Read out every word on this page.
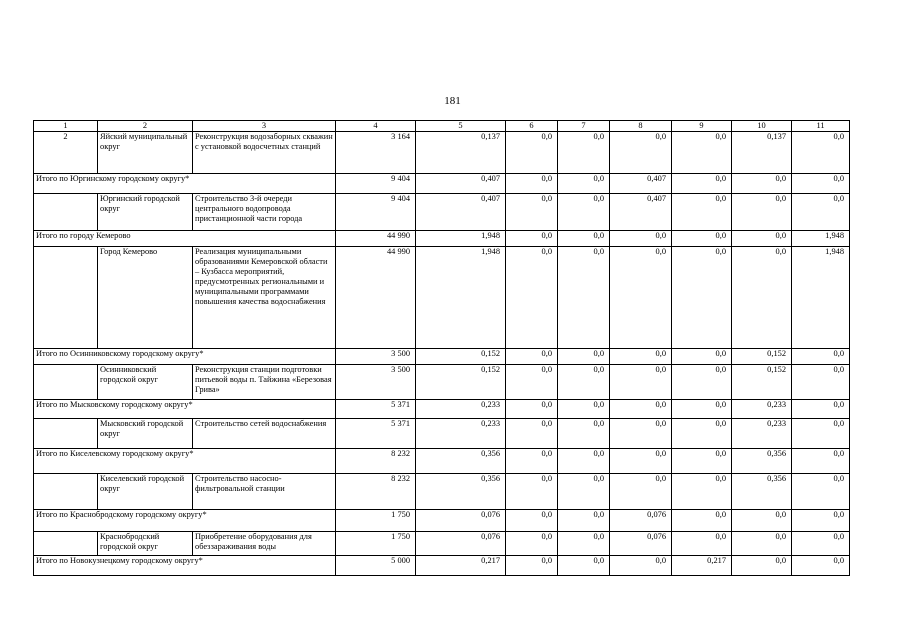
181
1	2	3	4	5	6	7	8	9	10	11
2	Яйский муниципальный округ	Реконструкция водозаборных скважин с установкой водосчетных станций	3 164	0,137	0,0	0,0	0,0	0,0	0,137	0,0
Итого по Юргинскому городскому округу*			9 404	0,407	0,0	0,0	0,407	0,0	0,0	0,0
	Юргинский городской округ	Строительство 3-й очереди центрального водопровода пристанционной части города	9 404	0,407	0,0	0,0	0,407	0,0	0,0	0,0
Итого по городу Кемерово			44 990	1,948	0,0	0,0	0,0	0,0	0,0	1,948
	Город Кемерово	Реализация муниципальными образованиями Кемеровской области – Кузбасса мероприятий, предусмотренных региональными и муниципальными программами повышения качества водоснабжения	44 990	1,948	0,0	0,0	0,0	0,0	0,0	1,948
Итого по Осинниковскому городскому округу*			3 500	0,152	0,0	0,0	0,0	0,0	0,152	0,0
	Осинниковский городской округ	Реконструкция станции подготовки питьевой воды п. Тайжина «Березовая Грива»	3 500	0,152	0,0	0,0	0,0	0,0	0,152	0,0
Итого по Мысковскому городскому округу*			5 371	0,233	0,0	0,0	0,0	0,0	0,233	0,0
	Мысковский городской округ	Строительство сетей водоснабжения	5 371	0,233	0,0	0,0	0,0	0,0	0,233	0,0
Итого по Киселевскому городскому округу*			8 232	0,356	0,0	0,0	0,0	0,0	0,356	0,0
	Киселевский городской округ	Строительство насосно-фильтровальной станции	8 232	0,356	0,0	0,0	0,0	0,0	0,356	0,0
Итого по Краснобродскому городскому округу*			1 750	0,076	0,0	0,0	0,076	0,0	0,0	0,0
	Краснобродский городской округ	Приобретение оборудования для обеззараживания воды	1 750	0,076	0,0	0,0	0,076	0,0	0,0	0,0
Итого по Новокузнецкому городскому округу*			5 000	0,217	0,0	0,0	0,0	0,217	0,0	0,0
